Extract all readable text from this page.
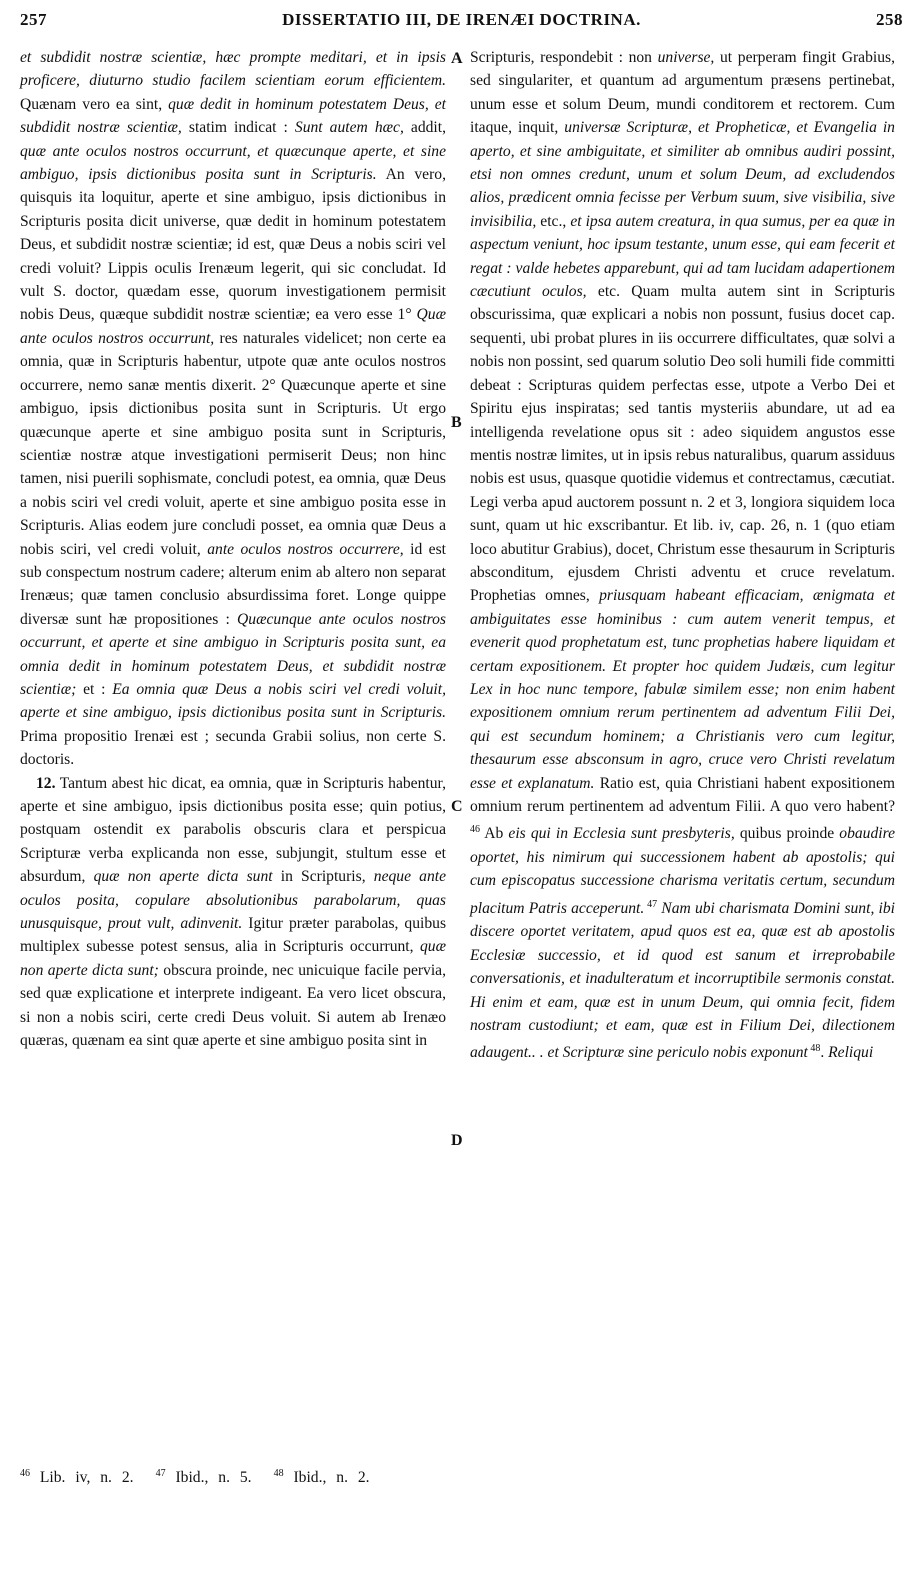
257	DISSERTATIO III, DE IRENÆI DOCTRINA.	258

et subdidit nostræ scientiæ, hæc prompte meditari, et in ipsis proficere, diuturno studio facilem scientiam eorum efficientem. Quænam vero ea sint, quæ dedit in hominum potestatem Deus, et subdidit nostræ scientiæ, statim indicat : Sunt autem hæc, addit, quæ ante oculos nostros occurrunt, et quæcunque aperte, et sine ambiguo, ipsis dictionibus posita sunt in Scripturis. An vero, quisquis ita loquitur, aperte et sine ambiguo, ipsis dictionibus in Scripturis posita dicit universe, quæ dedit in hominum potestatem Deus, et subdidit nostræ scientiæ; id est, quæ Deus a nobis sciri vel credi voluit? Lippis oculis Irenæum legerit, qui sic concludat. Id vult S. doctor, quædam esse, quorum investigationem permisit nobis Deus, quæque subdidit nostræ scientiæ; ea vero esse 1° Quæ ante oculos nostros occurrunt, res naturales videlicet; non certe ea omnia, quæ in Scripturis habentur, utpote quæ ante oculos nostros occurrere, nemo sanæ mentis dixerit. 2° Quæcunque aperte et sine ambiguo, ipsis dictionibus posita sunt in Scripturis. Ut ergo quæcunque aperte et sine ambiguo posita sunt in Scripturis, scientiæ nostræ atque investigationi permiserit Deus; non hinc tamen, nisi puerili sophismate, concludi potest, ea omnia, quæ Deus a nobis sciri vel credi voluit, aperte et sine ambiguo posita esse in Scripturis. Alias eodem jure concludi posset, ea omnia quæ Deus a nobis sciri, vel credi voluit, ante oculos nostros occurrere, id est sub conspectum nostrum cadere; alterum enim ab altero non separat Irenæus; quæ tamen conclusio absurdissima foret. Longe quippe diversæ sunt hæ propositiones : Quæcunque ante oculos nostros occurrunt, et aperte et sine ambiguo in Scripturis posita sunt, ea omnia dedit in hominum potestatem Deus, et subdidit nostræ scientiæ; et : Ea omnia quæ Deus a nobis sciri vel credi voluit, aperte et sine ambiguo, ipsis dictionibus posita sunt in Scripturis. Prima propositio Irenæi est ; secunda Grabii solius, non certe S. doctoris.

12. Tantum abest hic dicat, ea omnia, quæ in Scripturis habentur, aperte et sine ambiguo, ipsis dictionibus posita esse; quin potius, postquam ostendit ex parabolis obscuris clara et perspicua Scripturæ verba explicanda non esse, subjungit, stultum esse et absurdum, quæ non aperte dicta sunt in Scripturis, neque ante oculos posita, copulare absolutionibus parabolarum, quas unusquisque, prout vult, adinvenit. Igitur præter parabolas, quibus multiplex subesse potest sensus, alia in Scripturis occurrunt, quæ non aperte dicta sunt; obscura proinde, nec unicuique facile pervia, sed quæ explicatione et interprete indigeant. Ea vero licet obscura, si non a nobis sciri, certe credi Deus voluit. Si autem ab Irenæo quæras, quænam ea sint quæ aperte et sine ambiguo posita sint in

A
B
C
D

Scripturis, respondebit : non universe, ut perperam fingit Grabius, sed singulariter, et quantum ad argumentum præsens pertinebat, unum esse et solum Deum, mundi conditorem et rectorem. Cum itaque, inquit, universæ Scripturæ, et Propheticæ, et Evangelia in aperto, et sine ambiguitate, et similiter ab omnibus audiri possint, etsi non omnes credunt, unum et solum Deum, ad excludendos alios, prædicent omnia fecisse per Verbum suum, sive visibilia, sive invisibilia, etc., et ipsa autem creatura, in qua sumus, per ea quæ in aspectum veniunt, hoc ipsum testante, unum esse, qui eam fecerit et regat : valde hebetes apparebunt, qui ad tam lucidam adapertionem cæcutiunt oculos, etc. Quam multa autem sint in Scripturis obscurissima, quæ explicari a nobis non possunt, fusius docet cap. sequenti, ubi probat plures in iis occurrere difficultates, quæ solvi a nobis non possint, sed quarum solutio Deo soli humili fide committi debeat : Scripturas quidem perfectas esse, utpote a Verbo Dei et Spiritu ejus inspiratas; sed tantis mysteriis abundare, ut ad ea intelligenda revelatione opus sit : adeo siquidem angustos esse mentis nostræ limites, ut in ipsis rebus naturalibus, quarum assiduus nobis est usus, quasque quotidie videmus et contrectamus, cæcutiat. Legi verba apud auctorem possunt n. 2 et 3, longiora siquidem loca sunt, quam ut hic exscribantur. Et lib. iv, cap. 26, n. 1 (quo etiam loco abutitur Grabius), docet, Christum esse thesaurum in Scripturis absconditum, ejusdem Christi adventu et cruce revelatum. Prophetias omnes, priusquam habeant efficaciam, ænigmata et ambiguitates esse hominibus : cum autem venerit tempus, et evenerit quod prophetatum est, tunc prophetias habere liquidam et certam expositionem. Et propter hoc quidem Judæis, cum legitur Lex in hoc nunc tempore, fabulæ similem esse; non enim habent expositionem omnium rerum pertinentem ad adventum Filii Dei, qui est secundum hominem; a Christianis vero cum legitur, thesaurum esse absconsum in agro, cruce vero Christi revelatum esse et explanatum. Ratio est, quia Christiani habent expositionem omnium rerum pertinentem ad adventum Filii. A quo vero habent? $^{46}$ Ab eis qui in Ecclesia sunt presbyteris, quibus proinde obaudire oportet, his nimirum qui successionem habent ab apostolis; qui cum episcopatus successione charisma veritatis certum, secundum placitum Patris acceperunt. $^{47}$ Nam ubi charismata Domini sunt, ibi discere oportet veritatem, apud quos est ea, quæ est ab apostolis Ecclesiæ successio, et id quod est sanum et irreprobabile conversationis, et inadulteratum et incorruptibile sermonis constat. Hi enim et eam, quæ est in unum Deum, qui omnia fecit, fidem nostram custodiunt; et eam, quæ est in Filium Dei, dilectionem adaugent.. . et Scripturæ sine periculo nobis exponunt $^{48}$. Reliqui

$^{46}$ Lib. iv, n. 2. $^{47}$ Ibid., n. 5. $^{48}$ Ibid., n. 2.
